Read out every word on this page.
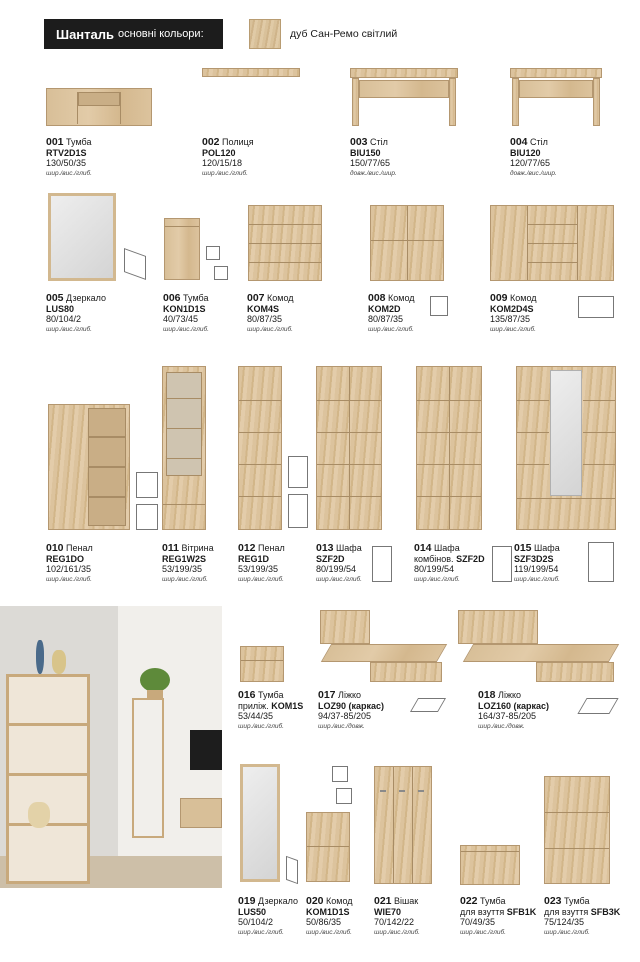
Шанталь основні кольори:	дуб Сан-Ремо світлий
001 Тумба
RTV2D1S
130/50/35
шир./вис./глиб.
002 Полиця
POL120
120/15/18
шир./вис./глиб.
003 Стіл
BIU150
150/77/65
довж./вис./шир.
004 Стіл
BIU120
120/77/65
довж./вис./шир.
005 Дзеркало
LUS80
80/104/2
шир./вис./глиб.
006 Тумба
KON1D1S
40/73/45
шир./вис./глиб.
007 Комод
KOM4S
80/87/35
шир./вис./глиб.
008 Комод
KOM2D
80/87/35
шир./вис./глиб.
009 Комод
KOM2D4S
135/87/35
шир./вис./глиб.
010 Пенал
REG1DO
102/161/35
шир./вис./глиб.
011 Вітрина
REG1W2S
53/199/35
шир./вис./глиб.
012 Пенал
REG1D
53/199/35
шир./вис./глиб.
013 Шафа
SZF2D
80/199/54
шир./вис./глиб.
014 Шафа
комбінов. SZF2D
80/199/54
шир./вис./глиб.
015 Шафа
SZF3D2S
119/199/54
шир./вис./глиб.
016 Тумба
приліж. KOM1S
53/44/35
шир./вис./глиб.
017 Ліжко
LOZ90 (каркас)
94/37-85/205
шир./вис./довж.
018 Ліжко
LOZ160 (каркас)
164/37-85/205
шир./вис./довж.
019 Дзеркало
LUS50
50/104/2
шир./вис./глиб.
020 Комод
KOM1D1S
50/86/35
шир./вис./глиб.
021 Вішак
WIE70
70/142/22
шир./вис./глиб.
022 Тумба
для взуття SFB1K
70/49/35
шир./вис./глиб.
023 Тумба
для взуття SFB3K
75/124/35
шир./вис./глиб.
